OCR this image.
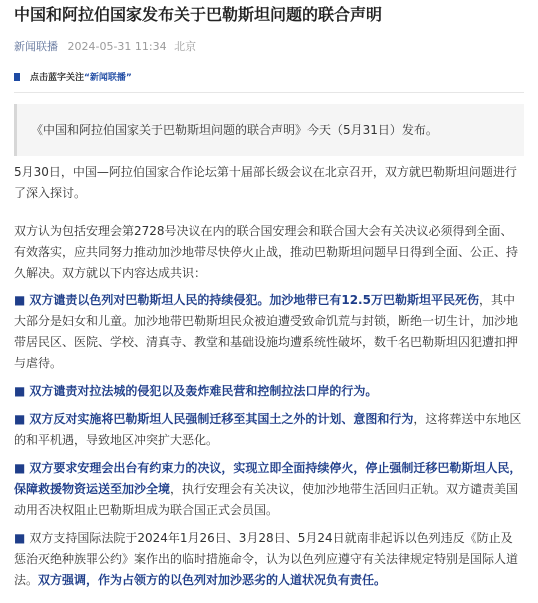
中国和阿拉伯国家发布关于巴勒斯坦问题的联合声明
新闻联播 2024-05-31 11:34 北京
点击蓝字关注“新闻联播”
《中国和阿拉伯国家关于巴勒斯坦问题的联合声明》今天（5月31日）发布。

5月30日，中国—阿拉伯国家合作论坛第十届部长级会议在北京召开，双方就巴勒斯坦问题进行了深入探讨。

双方认为包括安理会第2728号决议在内的联合国安理会和联合国大会有关决议必须得到全面、有效落实，应共同努力推动加沙地带尽快停火止战，推动巴勒斯坦问题早日得到全面、公正、持久解决。双方就以下内容达成共识：

■ 双方谴责以色列对巴勒斯坦人民的持续侵犯。加沙地带已有12.5万巴勒斯坦平民死伤，其中大部分是妇女和儿童。加沙地带巴勒斯坦民众被迫遭受致命饥荒与封锁，断绝一切生计，加沙地带居民区、医院、学校、清真寺、教堂和基础设施均遭系统性破坏，数千名巴勒斯坦囚犯遭扣押与虐待。

■ 双方谴责对拉法城的侵犯以及轰炸难民营和控制拉法口岸的行为。

■ 双方反对实施将巴勒斯坦人民强制迁移至其国土之外的计划、意图和行为，这将葬送中东地区的和平机遇，导致地区冲突扩大恶化。

■ 双方要求安理会出台有约束力的决议，实现立即全面持续停火，停止强制迁移巴勒斯坦人民，保障救援物资运送至加沙全境，执行安理会有关决议，使加沙地带生活回归正轨。双方谴责美国动用否决权阻止巴勒斯坦成为联合国正式会员国。

■ 双方支持国际法院于2024年1月26日、3月28日、5月24日就南非起诉以色列违反《防止及惩治灭绝种族罪公约》案作出的临时措施命令，认为以色列应遵守有关法律规定特别是国际人道法。双方强调，作为占领方的以色列对加沙恶劣的人道状况负有责任。
